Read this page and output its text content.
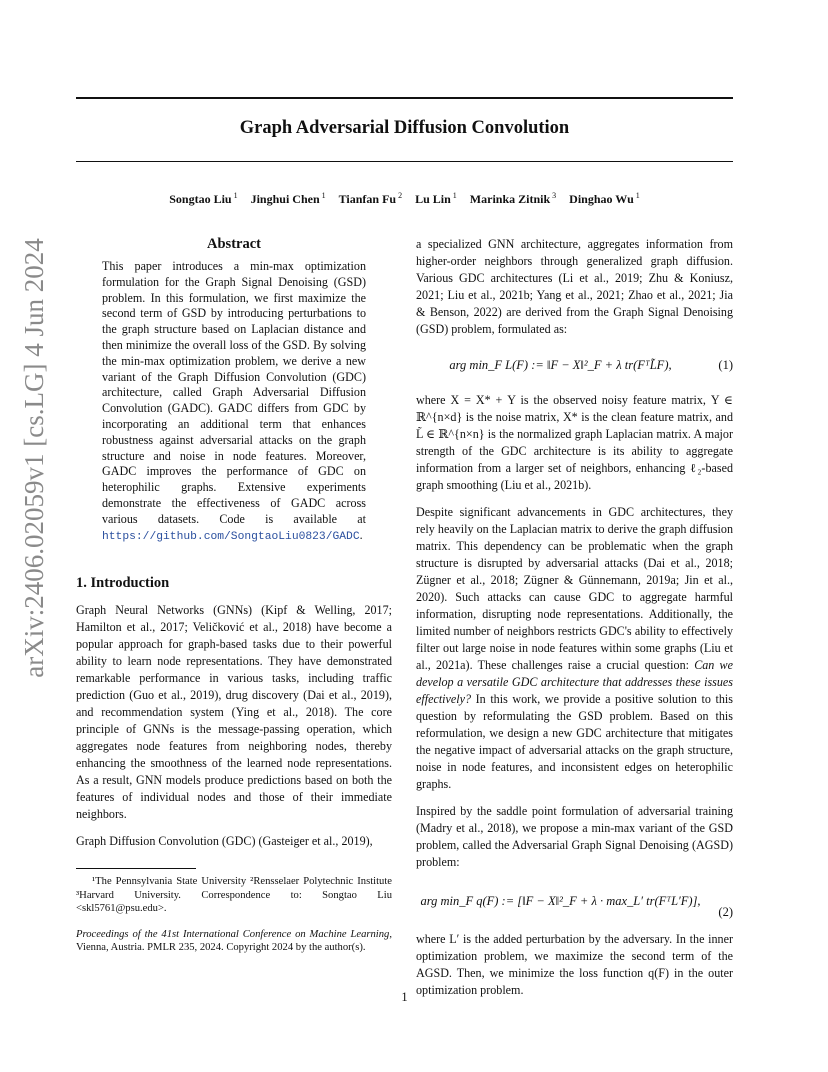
Graph Adversarial Diffusion Convolution
Songtao Liu $^1$ Jinghui Chen $^1$ Tianfan Fu $^2$ Lu Lin $^1$ Marinka Zitnik $^3$ Dinghao Wu $^1$
arXiv:2406.02059v1 [cs.LG] 4 Jun 2024	Abstract
This paper introduces a min-max optimization formulation for the Graph Signal Denoising (GSD) problem. In this formulation, we first maximize the second term of GSD by introducing perturbations to the graph structure based on Laplacian distance and then minimize the overall loss of the GSD. By solving the min-max optimization problem, we derive a new variant of the Graph Diffusion Convolution (GDC) architecture, called Graph Adversarial Diffusion Convolution (GADC). GADC differs from GDC by incorporating an additional term that enhances robustness against adversarial attacks on the graph structure and noise in node features. Moreover, GADC improves the performance of GDC on heterophilic graphs. Extensive experiments demonstrate the effectiveness of GADC across various datasets. Code is available at https://github.com/SongtaoLiu0823/GADC.
1. Introduction

Graph Neural Networks (GNNs) (Kipf & Welling, 2017; Hamilton et al., 2017; Veličković et al., 2018) have become a popular approach for graph-based tasks due to their powerful ability to learn node representations. They have demonstrated remarkable performance in various tasks, including traffic prediction (Guo et al., 2019), drug discovery (Dai et al., 2019), and recommendation system (Ying et al., 2018). The core principle of GNNs is the message-passing operation, which aggregates node features from neighboring nodes, thereby enhancing the smoothness of the learned node representations. As a result, GNN models produce predictions based on both the features of individual nodes and those of their immediate neighbors.

Graph Diffusion Convolution (GDC) (Gasteiger et al., 2019),

¹The Pennsylvania State University ²Rensselaer Polytechnic Institute ³Harvard University. Correspondence to: Songtao Liu <skl5761@psu.edu>.
Proceedings of the 41st International Conference on Machine Learning, Vienna, Austria. PMLR 235, 2024. Copyright 2024 by the author(s).

a specialized GNN architecture, aggregates information from higher-order neighbors through generalized graph diffusion. Various GDC architectures (Li et al., 2019; Zhu & Koniusz, 2021; Liu et al., 2021b; Yang et al., 2021; Zhao et al., 2021; Jia & Benson, 2022) are derived from the Graph Signal Denoising (GSD) problem, formulated as:

arg min_F L(F) := ‖F − X‖²_F + λ tr(FᵀL̃F),	(1)

where X = X* + Υ is the observed noisy feature matrix, Υ ∈ ℝ^{n×d} is the noise matrix, X* is the clean feature matrix, and L̃ ∈ ℝ^{n×n} is the normalized graph Laplacian matrix. A major strength of the GDC architecture is its ability to aggregate information from a larger set of neighbors, enhancing ℓ₂-based graph smoothing (Liu et al., 2021b).

Despite significant advancements in GDC architectures, they rely heavily on the Laplacian matrix to derive the graph diffusion matrix. This dependency can be problematic when the graph structure is disrupted by adversarial attacks (Dai et al., 2018; Zügner et al., 2018; Zügner & Günnemann, 2019a; Jin et al., 2020). Such attacks can cause GDC to aggregate harmful information, disrupting node representations. Additionally, the limited number of neighbors restricts GDC's ability to effectively filter out large noise in node features within some graphs (Liu et al., 2021a). These challenges raise a crucial question: Can we develop a versatile GDC architecture that addresses these issues effectively? In this work, we provide a positive solution to this question by reformulating the GSD problem. Based on this reformulation, we design a new GDC architecture that mitigates the negative impact of adversarial attacks on the graph structure, noise in node features, and inconsistent edges on heterophilic graphs.

Inspired by the saddle point formulation of adversarial training (Madry et al., 2018), we propose a min-max variant of the GSD problem, called the Adversarial Graph Signal Denoising (AGSD) problem:

arg min_F q(F) := [‖F − X‖²_F + λ · max_L′ tr(FᵀL′F)],
(2)

where L′ is the added perturbation by the adversary. In the inner optimization problem, we maximize the second term of the AGSD. Then, we minimize the loss function q(F) in the outer optimization problem.

1
